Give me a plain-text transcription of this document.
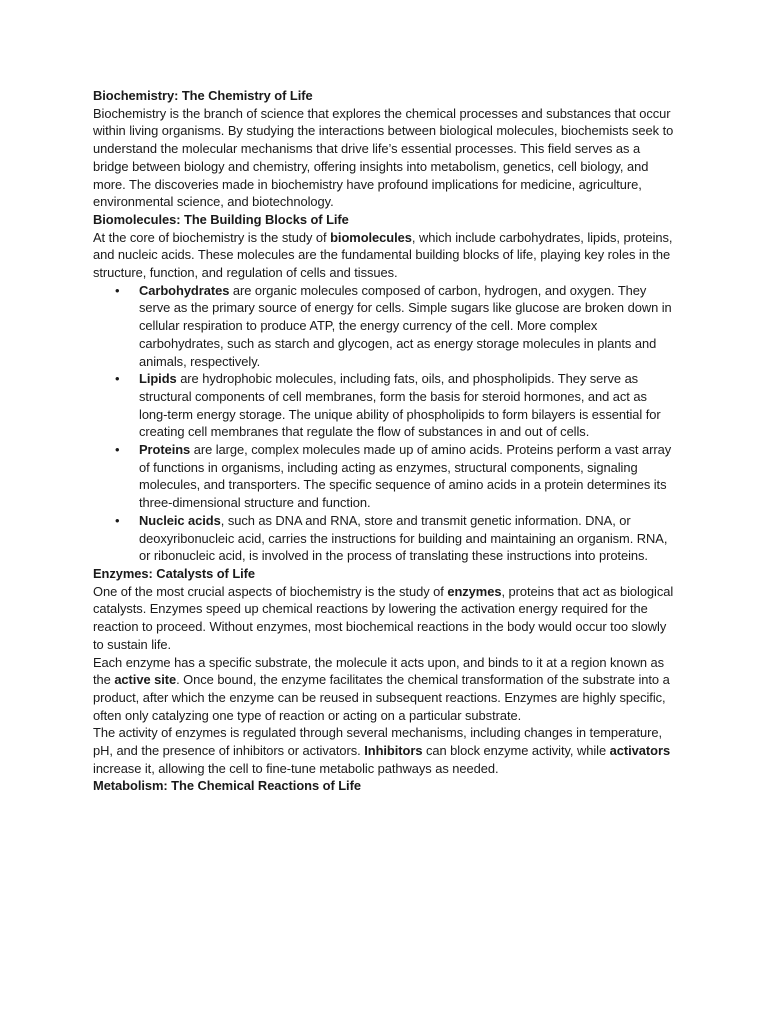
Biochemistry: The Chemistry of Life

Biochemistry is the branch of science that explores the chemical processes and substances that occur within living organisms. By studying the interactions between biological molecules, biochemists seek to understand the molecular mechanisms that drive life’s essential processes. This field serves as a bridge between biology and chemistry, offering insights into metabolism, genetics, cell biology, and more. The discoveries made in biochemistry have profound implications for medicine, agriculture, environmental science, and biotechnology.

Biomolecules: The Building Blocks of Life

At the core of biochemistry is the study of biomolecules, which include carbohydrates, lipids, proteins, and nucleic acids. These molecules are the fundamental building blocks of life, playing key roles in the structure, function, and regulation of cells and tissues.

• Carbohydrates are organic molecules composed of carbon, hydrogen, and oxygen. They serve as the primary source of energy for cells. Simple sugars like glucose are broken down in cellular respiration to produce ATP, the energy currency of the cell. More complex carbohydrates, such as starch and glycogen, act as energy storage molecules in plants and animals, respectively.
• Lipids are hydrophobic molecules, including fats, oils, and phospholipids. They serve as structural components of cell membranes, form the basis for steroid hormones, and act as long-term energy storage. The unique ability of phospholipids to form bilayers is essential for creating cell membranes that regulate the flow of substances in and out of cells.
• Proteins are large, complex molecules made up of amino acids. Proteins perform a vast array of functions in organisms, including acting as enzymes, structural components, signaling molecules, and transporters. The specific sequence of amino acids in a protein determines its three-dimensional structure and function.
• Nucleic acids, such as DNA and RNA, store and transmit genetic information. DNA, or deoxyribonucleic acid, carries the instructions for building and maintaining an organism. RNA, or ribonucleic acid, is involved in the process of translating these instructions into proteins.
Enzymes: Catalysts of Life

One of the most crucial aspects of biochemistry is the study of enzymes, proteins that act as biological catalysts. Enzymes speed up chemical reactions by lowering the activation energy required for the reaction to proceed. Without enzymes, most biochemical reactions in the body would occur too slowly to sustain life.

Each enzyme has a specific substrate, the molecule it acts upon, and binds to it at a region known as the active site. Once bound, the enzyme facilitates the chemical transformation of the substrate into a product, after which the enzyme can be reused in subsequent reactions. Enzymes are highly specific, often only catalyzing one type of reaction or acting on a particular substrate.

The activity of enzymes is regulated through several mechanisms, including changes in temperature, pH, and the presence of inhibitors or activators. Inhibitors can block enzyme activity, while activators increase it, allowing the cell to fine-tune metabolic pathways as needed.

Metabolism: The Chemical Reactions of Life
